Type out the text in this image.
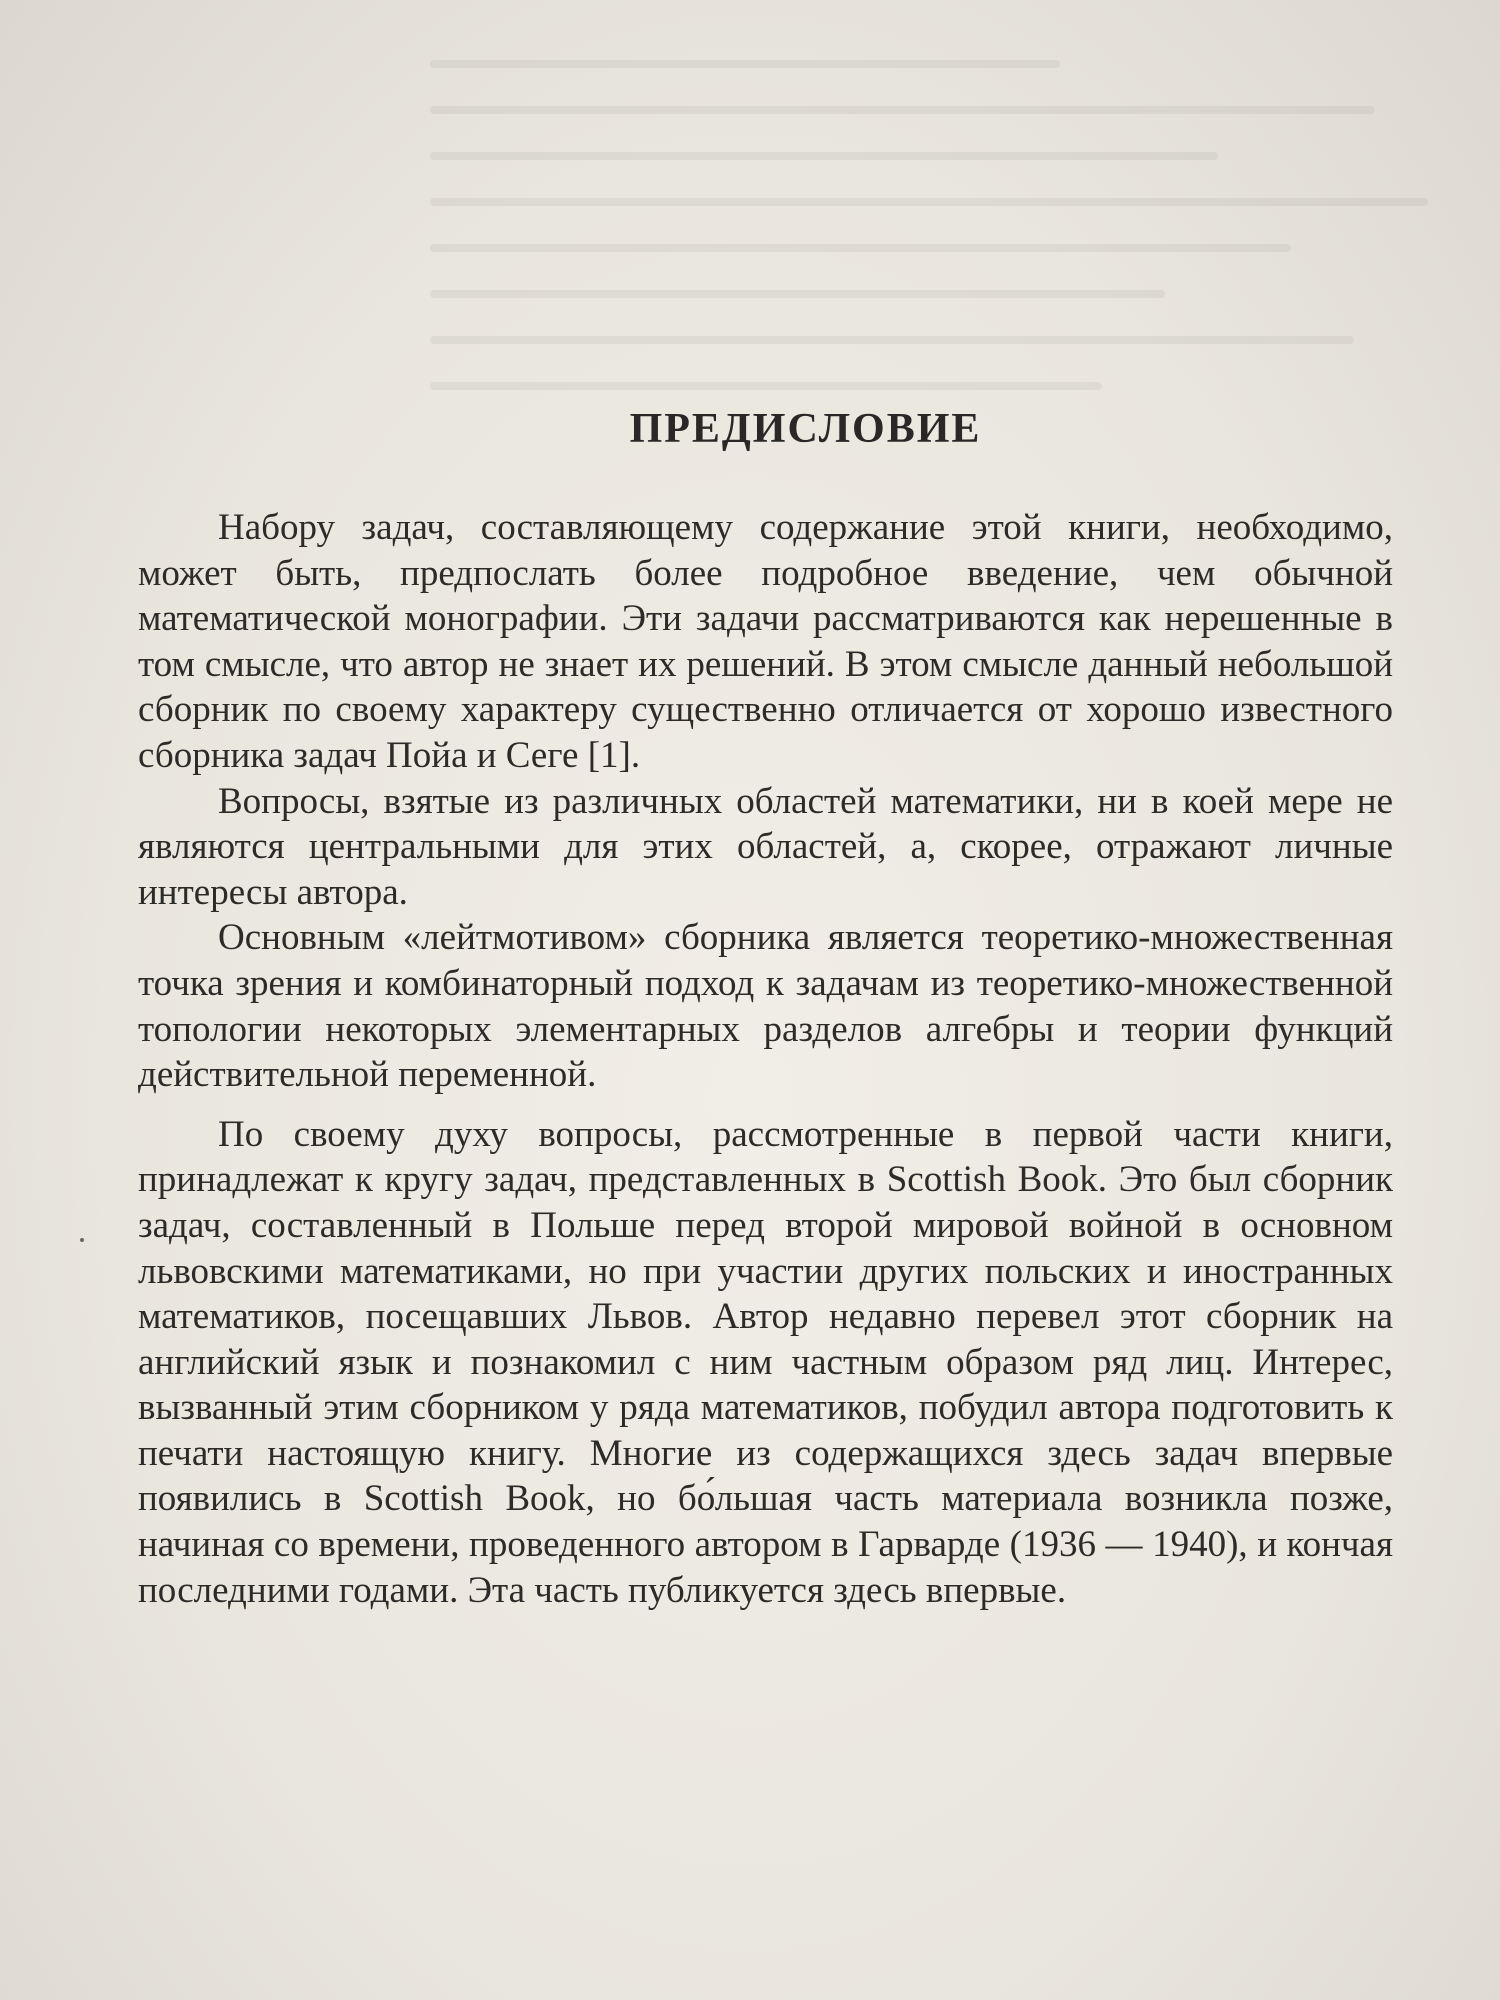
ПРЕДИСЛОВИЕ

Набору задач, составляющему содержание этой книги, необходимо, может быть, предпослать более подробное введение, чем обычной математической монографии. Эти задачи рассматриваются как нерешенные в том смысле, что автор не знает их решений. В этом смысле данный небольшой сборник по своему характеру существенно отличается от хорошо известного сборника задач Пойа и Сеге [1].

Вопросы, взятые из различных областей математики, ни в коей мере не являются центральными для этих областей, а, скорее, отражают личные интересы автора.

Основным «лейтмотивом» сборника является теоретико-множественная точка зрения и комбинаторный подход к задачам из теоретико-множественной топологии некоторых элементарных разделов алгебры и теории функций действительной переменной.

По своему духу вопросы, рассмотренные в первой части книги, принадлежат к кругу задач, представленных в Scottish Book. Это был сборник задач, составленный в Польше перед второй мировой войной в основном львовскими математиками, но при участии других польских и иностранных математиков, посещавших Львов. Автор недавно перевел этот сборник на английский язык и познакомил с ним частным образом ряд лиц. Интерес, вызванный этим сборником у ряда математиков, побудил автора подготовить к печати настоящую книгу. Многие из содержащихся здесь задач впервые появились в Scottish Book, но бо́льшая часть материала возникла позже, начиная со времени, проведенного автором в Гарварде (1936 — 1940), и кончая последними годами. Эта часть публикуется здесь впервые.
